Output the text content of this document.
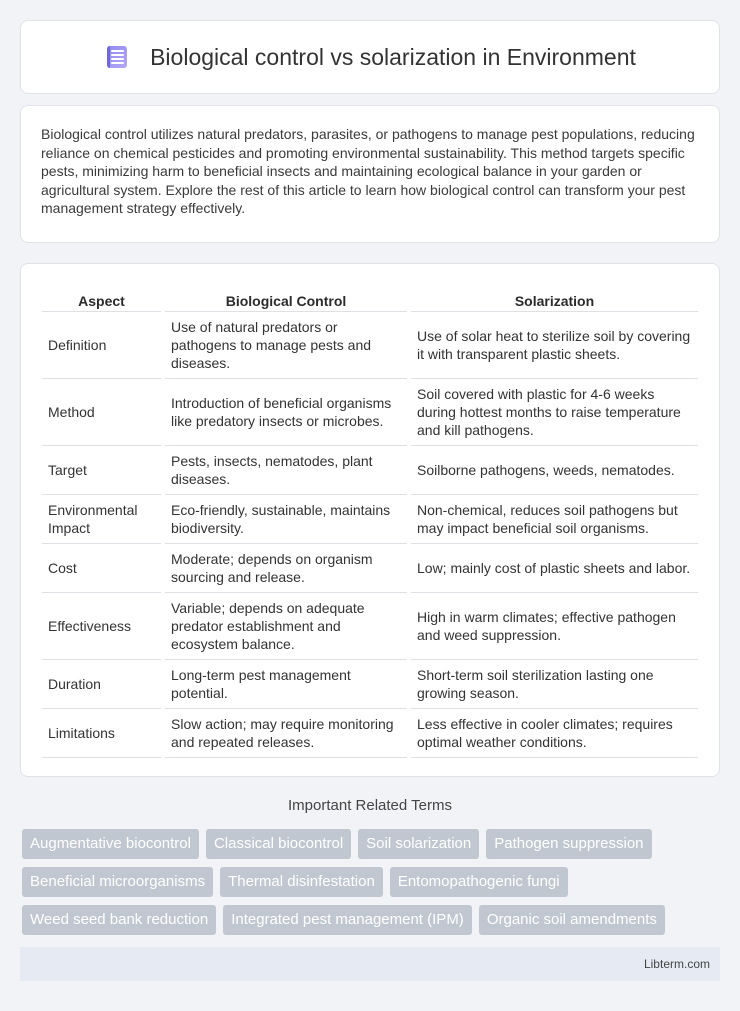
Biological control vs solarization in Environment

Biological control utilizes natural predators, parasites, or pathogens to manage pest populations, reducing reliance on chemical pesticides and promoting environmental sustainability. This method targets specific pests, minimizing harm to beneficial insects and maintaining ecological balance in your garden or agricultural system. Explore the rest of this article to learn how biological control can transform your pest management strategy effectively.

Aspect	Biological Control	Solarization
Definition	Use of natural predators or pathogens to manage pests and diseases.	Use of solar heat to sterilize soil by covering it with transparent plastic sheets.
Method	Introduction of beneficial organisms like predatory insects or microbes.	Soil covered with plastic for 4-6 weeks during hottest months to raise temperature and kill pathogens.
Target	Pests, insects, nematodes, plant diseases.	Soilborne pathogens, weeds, nematodes.
Environmental Impact	Eco-friendly, sustainable, maintains biodiversity.	Non-chemical, reduces soil pathogens but may impact beneficial soil organisms.
Cost	Moderate; depends on organism sourcing and release.	Low; mainly cost of plastic sheets and labor.
Effectiveness	Variable; depends on adequate predator establishment and ecosystem balance.	High in warm climates; effective pathogen and weed suppression.
Duration	Long-term pest management potential.	Short-term soil sterilization lasting one growing season.
Limitations	Slow action; may require monitoring and repeated releases.	Less effective in cooler climates; requires optimal weather conditions.
Important Related Terms
Augmentative biocontrol	Classical biocontrol	Soil solarization	Pathogen suppression
Beneficial microorganisms	Thermal disinfestation	Entomopathogenic fungi
Weed seed bank reduction	Integrated pest management (IPM)	Organic soil amendments
Libterm.com
